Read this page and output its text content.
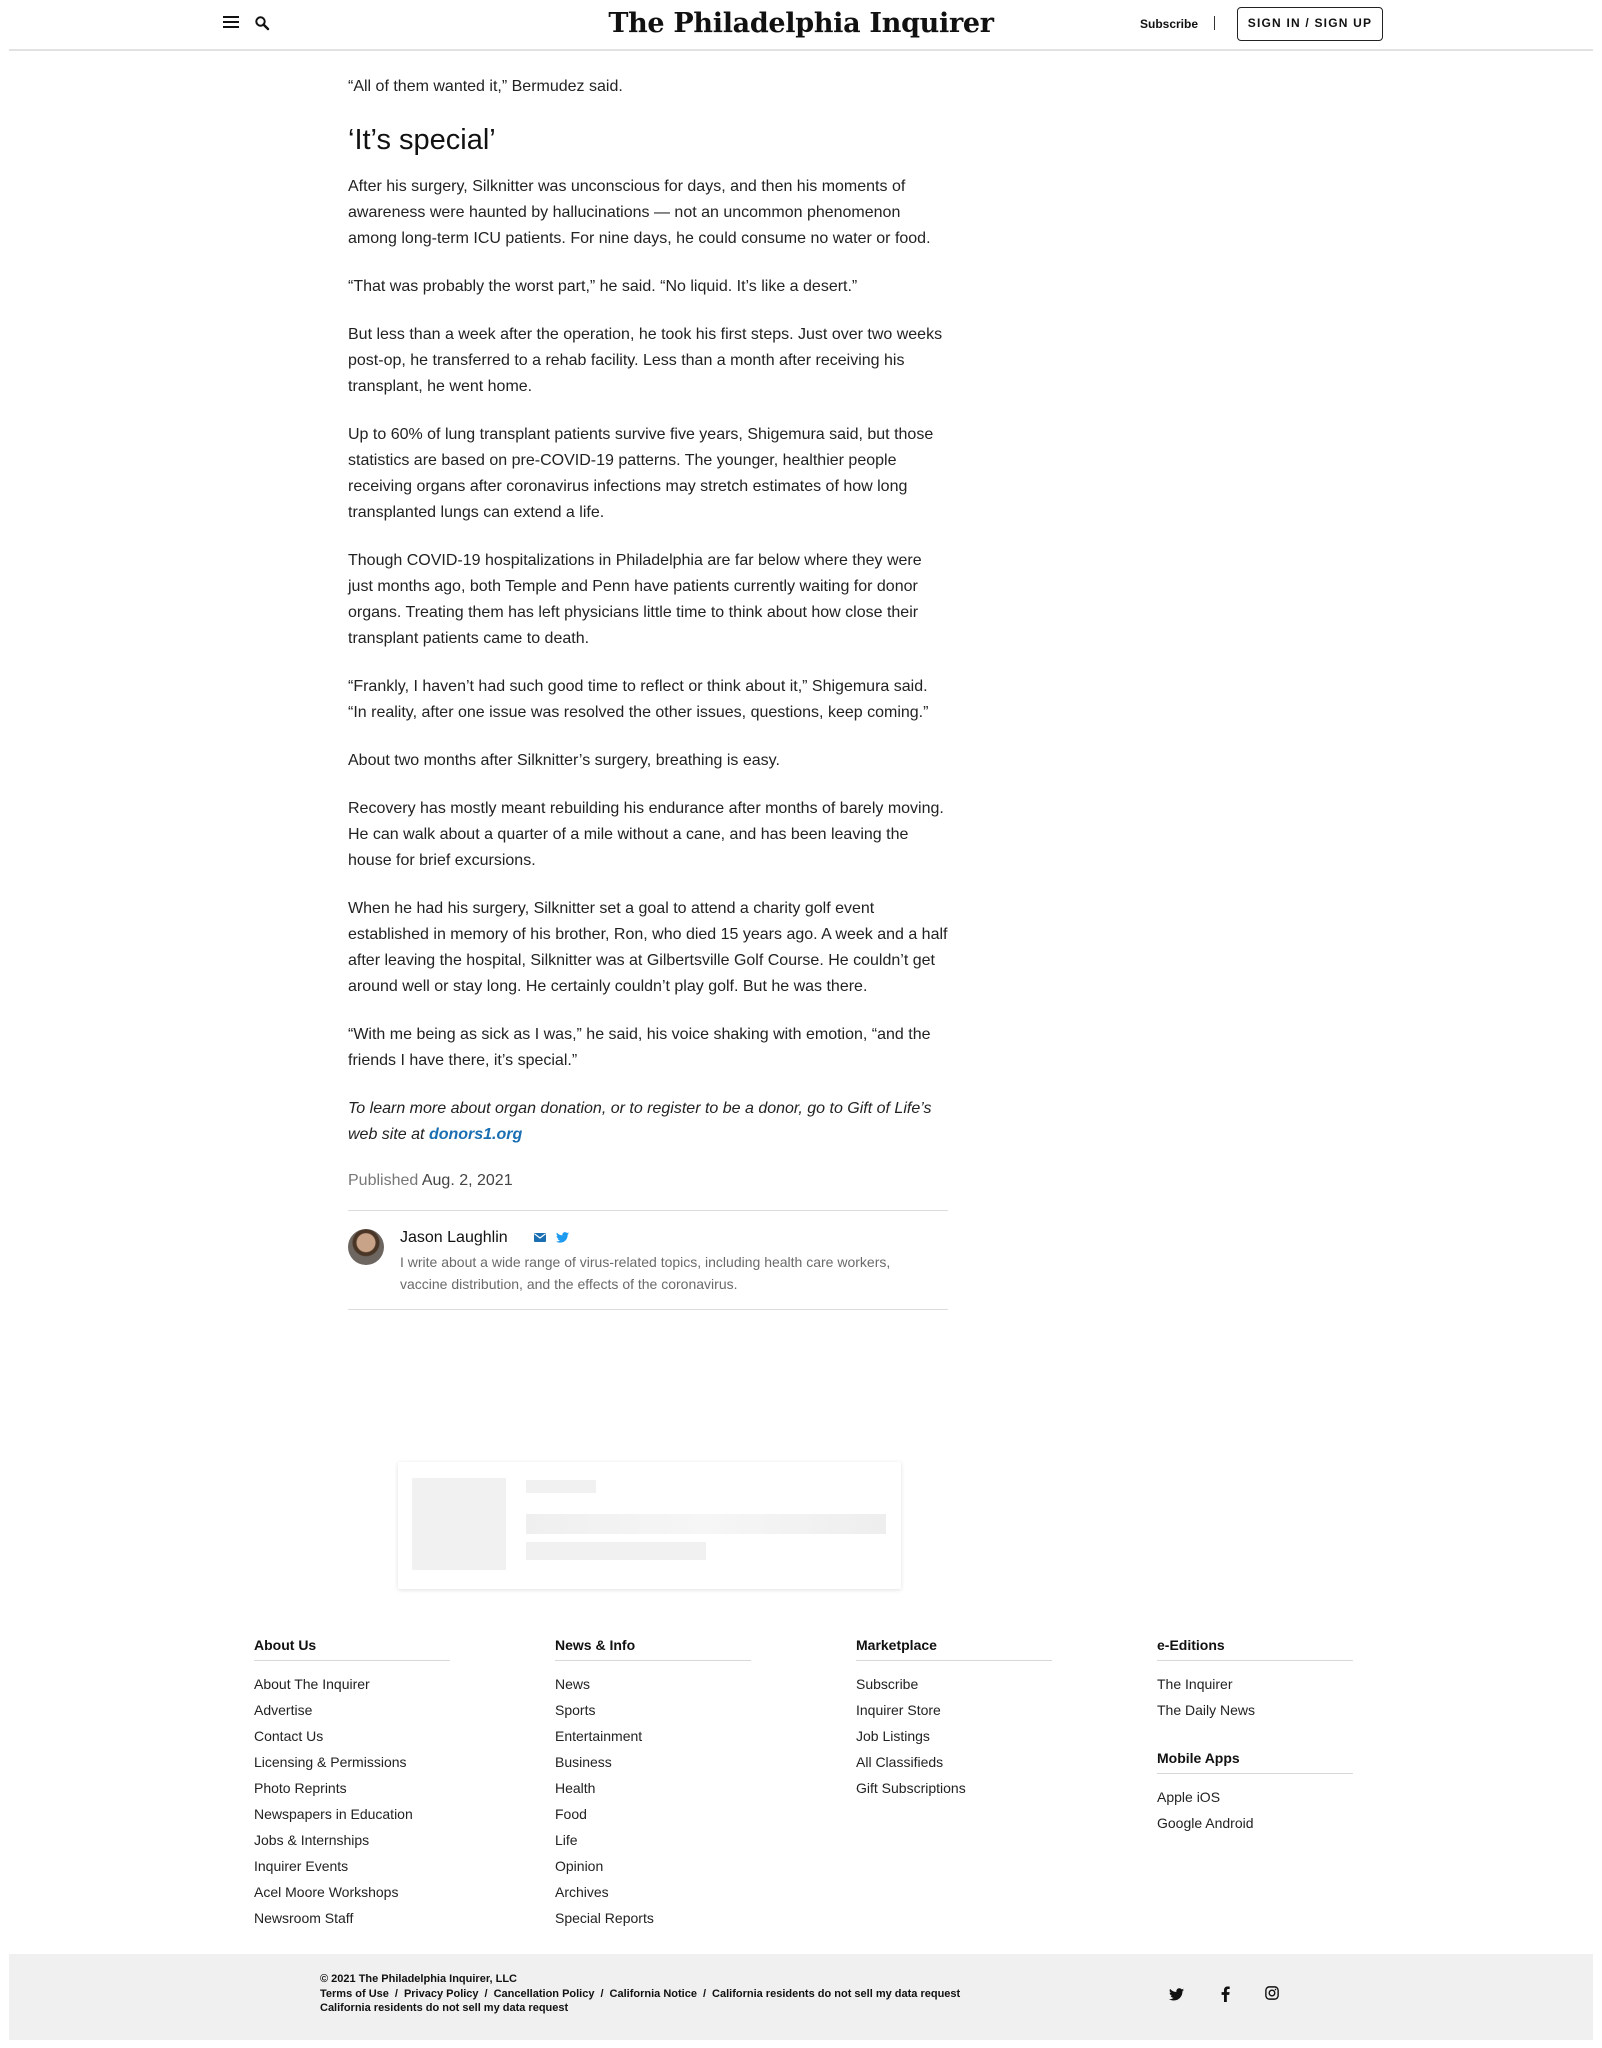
The Philadelphia Inquirer	Subscribe	SIGN IN / SIGN UP

“All of them wanted it,” Bermudez said.

‘It’s special’

After his surgery, Silknitter was unconscious for days, and then his moments of awareness were haunted by hallucinations — not an uncommon phenomenon among long-term ICU patients. For nine days, he could consume no water or food.

“That was probably the worst part,” he said. “No liquid. It’s like a desert.”

But less than a week after the operation, he took his first steps. Just over two weeks post-op, he transferred to a rehab facility. Less than a month after receiving his transplant, he went home.

Up to 60% of lung transplant patients survive five years, Shigemura said, but those statistics are based on pre-COVID-19 patterns. The younger, healthier people receiving organs after coronavirus infections may stretch estimates of how long transplanted lungs can extend a life.

Though COVID-19 hospitalizations in Philadelphia are far below where they were just months ago, both Temple and Penn have patients currently waiting for donor organs. Treating them has left physicians little time to think about how close their transplant patients came to death.

“Frankly, I haven’t had such good time to reflect or think about it,” Shigemura said. “In reality, after one issue was resolved the other issues, questions, keep coming.”

About two months after Silknitter’s surgery, breathing is easy.

Recovery has mostly meant rebuilding his endurance after months of barely moving. He can walk about a quarter of a mile without a cane, and has been leaving the house for brief excursions.

When he had his surgery, Silknitter set a goal to attend a charity golf event established in memory of his brother, Ron, who died 15 years ago. A week and a half after leaving the hospital, Silknitter was at Gilbertsville Golf Course. He couldn’t get around well or stay long. He certainly couldn’t play golf. But he was there.

“With me being as sick as I was,” he said, his voice shaking with emotion, “and the friends I have there, it’s special.”

To learn more about organ donation, or to register to be a donor, go to Gift of Life’s web site at donors1.org

Published Aug. 2, 2021

Jason Laughlin
I write about a wide range of virus-related topics, including health care workers, vaccine distribution, and the effects of the coronavirus.
About Us
About The Inquirer
Advertise
Contact Us
Licensing & Permissions
Photo Reprints
Newspapers in Education
Jobs & Internships
Inquirer Events
Acel Moore Workshops
Newsroom Staff
News & Info
News
Sports
Entertainment
Business
Health
Food
Life
Opinion
Archives
Special Reports
Marketplace
Subscribe
Inquirer Store
Job Listings
All Classifieds
Gift Subscriptions
e-Editions
The Inquirer
The Daily News
Mobile Apps
Apple iOS
Google Android
© 2021 The Philadelphia Inquirer, LLC
Terms of Use / Privacy Policy / Cancellation Policy / California Notice / California residents do not sell my data request
California residents do not sell my data request
